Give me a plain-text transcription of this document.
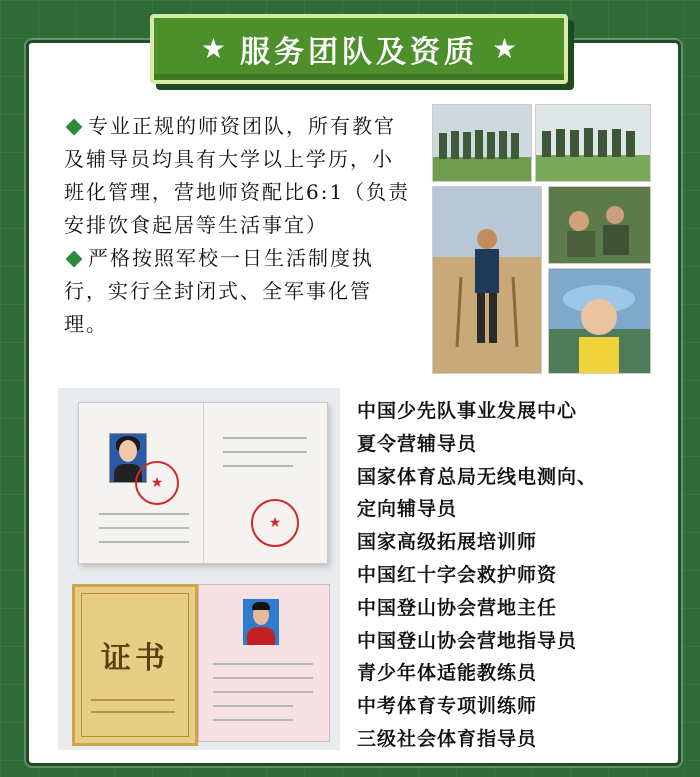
★ 服务团队及资质 ★

专业正规的师资团队，所有教官及辅导员均具有大学以上学历，小班化管理，营地师资配比6:1（负责安排饮食起居等生活事宜）

严格按照军校一日生活制度执行，实行全封闭式、全军事化管理。

★
★
证书
中国少先队事业发展中心
夏令营辅导员
国家体育总局无线电测向、
定向辅导员
国家高级拓展培训师
中国红十字会救护师资
中国登山协会营地主任
中国登山协会营地指导员
青少年体适能教练员
中考体育专项训练师
三级社会体育指导员
